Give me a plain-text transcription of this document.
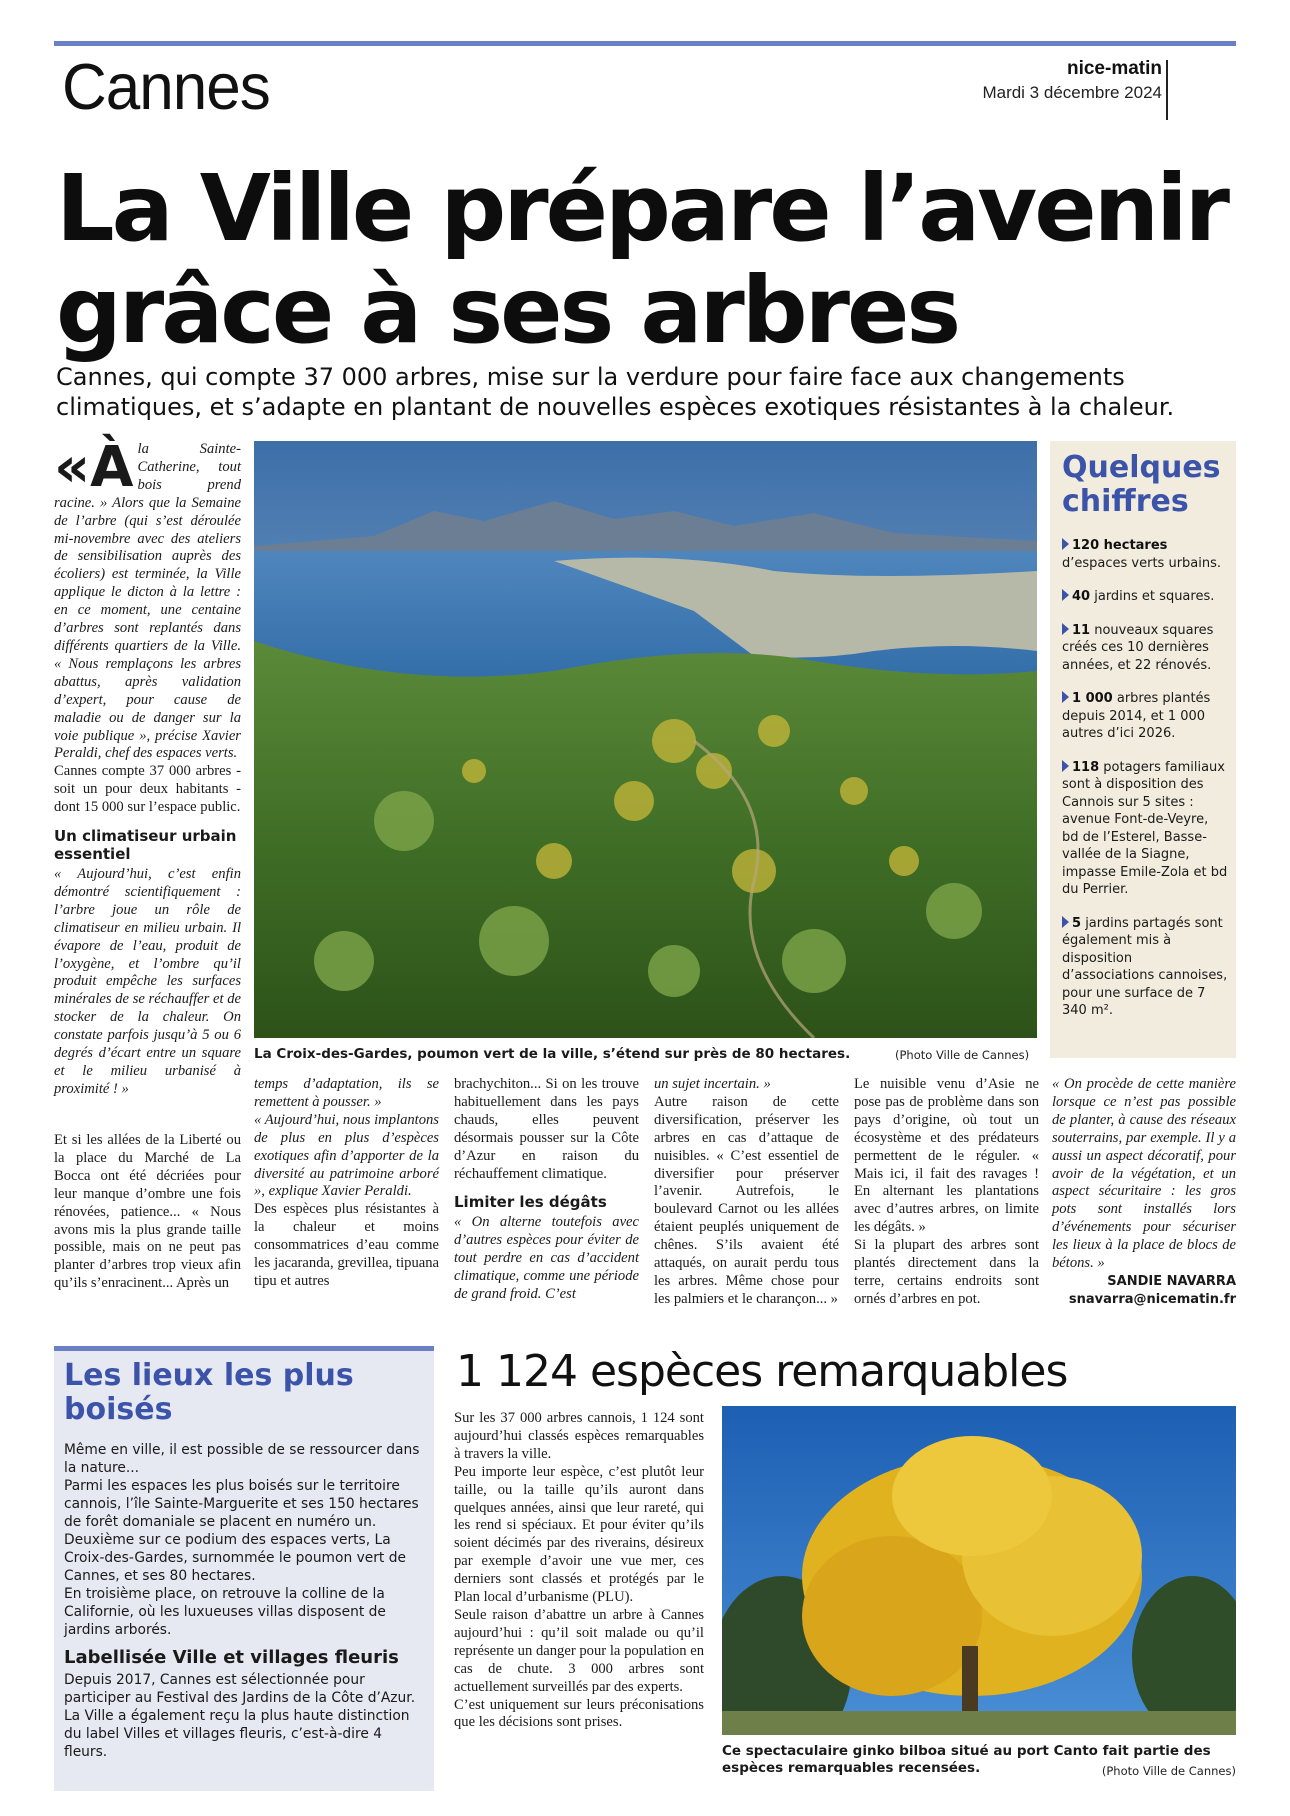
Cannes	nice-matin
Mardi 3 décembre 2024
La Ville prépare l’avenir grâce à ses arbres
Cannes, qui compte 37 000 arbres, mise sur la verdure pour faire face aux changements climatiques, et s’adapte en plantant de nouvelles espèces exotiques résistantes à la chaleur.

«Àla Sainte-Catherine, tout bois prend racine. » Alors que la Semaine de l’arbre (qui s’est déroulée mi-novembre avec des ateliers de sensibilisation auprès des écoliers) est terminée, la Ville applique le dicton à la lettre : en ce moment, une centaine d’arbres sont replantés dans différents quartiers de la Ville. « Nous remplaçons les arbres abattus, après validation d’expert, pour cause de maladie ou de danger sur la voie publique », précise Xavier Peraldi, chef des espaces verts.

Cannes compte 37 000 arbres - soit un pour deux habitants - dont 15 000 sur l’espace public.

Un climatiseur urbain essentiel

« Aujourd’hui, c’est enfin démontré scientifiquement : l’arbre joue un rôle de climatiseur en milieu urbain. Il évapore de l’eau, produit de l’oxygène, et l’ombre qu’il produit empêche les surfaces minérales de se réchauffer et de stocker de la chaleur. On constate parfois jusqu’à 5 ou 6 degrés d’écart entre un square et le milieu urbanisé à proximité ! »

Et si les allées de la Liberté ou la place du Marché de La Bocca ont été décriées pour leur manque d’ombre une fois rénovées, patience... « Nous avons mis la plus grande taille possible, mais on ne peut pas planter d’arbres trop vieux afin qu’ils s’enracinent... Après un

La Croix-des-Gardes, poumon vert de la ville, s’étend sur près de 80 hectares.	(Photo Ville de Cannes)
Quelques chiffres
120 hectares
d’espaces verts urbains.
40 jardins et squares.
11 nouveaux squares créés ces 10 dernières années, et 22 rénovés.
1 000 arbres plantés depuis 2014, et 1 000 autres d’ici 2026.
118 potagers familiaux sont à disposition des Cannois sur 5 sites : avenue Font-de-Veyre, bd de l’Esterel, Basse-vallée de la Siagne, impasse Emile-Zola et bd du Perrier.
5 jardins partagés sont également mis à disposition d’associations cannoises, pour une surface de 7 340 m².

temps d’adaptation, ils se remettent à pousser. »

« Aujourd’hui, nous implantons de plus en plus d’espèces exotiques afin d’apporter de la diversité au patrimoine arboré », explique Xavier Peraldi.

Des espèces plus résistantes à la chaleur et moins consommatrices d’eau comme les jacaranda, grevillea, tipuana tipu et autres

brachychiton... Si on les trouve habituellement dans les pays chauds, elles peuvent désormais pousser sur la Côte d’Azur en raison du réchauffement climatique.

Limiter les dégâts

« On alterne toutefois avec d’autres espèces pour éviter de tout perdre en cas d’accident climatique, comme une période de grand froid. C’est

un sujet incertain. »

Autre raison de cette diversification, préserver les arbres en cas d’attaque de nuisibles. « C’est essentiel de diversifier pour préserver l’avenir. Autrefois, le boulevard Carnot ou les allées étaient peuplés uniquement de chênes. S’ils avaient été attaqués, on aurait perdu tous les arbres. Même chose pour les palmiers et le charançon... »

Le nuisible venu d’Asie ne pose pas de problème dans son pays d’origine, où tout un écosystème et des prédateurs permettent de le réguler. « Mais ici, il fait des ravages ! En alternant les plantations avec d’autres arbres, on limite les dégâts. »

Si la plupart des arbres sont plantés directement dans la terre, certains endroits sont ornés d’arbres en pot.

« On procède de cette manière lorsque ce n’est pas possible de planter, à cause des réseaux souterrains, par exemple. Il y a aussi un aspect décoratif, pour avoir de la végétation, et un aspect sécuritaire : les gros pots sont installés lors d’événements pour sécuriser les lieux à la place de blocs de bétons. »

SANDIE NAVARRA
snavarra@nicematin.fr
Les lieux les plus boisés

Même en ville, il est possible de se ressourcer dans la nature...

Parmi les espaces les plus boisés sur le territoire cannois, l’île Sainte-Marguerite et ses 150 hectares de forêt domaniale se placent en numéro un.

Deuxième sur ce podium des espaces verts, La Croix-des-Gardes, surnommée le poumon vert de Cannes, et ses 80 hectares.

En troisième place, on retrouve la colline de la Californie, où les luxueuses villas disposent de jardins arborés.

Labellisée Ville et villages fleuris

Depuis 2017, Cannes est sélectionnée pour participer au Festival des Jardins de la Côte d’Azur. La Ville a également reçu la plus haute distinction du label Villes et villages fleuris, c’est-à-dire 4 fleurs.

1 124 espèces remarquables

Sur les 37 000 arbres cannois, 1 124 sont aujourd’hui classés espèces remarquables à travers la ville.

Peu importe leur espèce, c’est plutôt leur taille, ou la taille qu’ils auront dans quelques années, ainsi que leur rareté, qui les rend si spéciaux. Et pour éviter qu’ils soient décimés par des riverains, désireux par exemple d’avoir une vue mer, ces derniers sont classés et protégés par le Plan local d’urbanisme (PLU).

Seule raison d’abattre un arbre à Cannes aujourd’hui : qu’il soit malade ou qu’il représente un danger pour la population en cas de chute. 3 000 arbres sont actuellement surveillés par des experts.

C’est uniquement sur leurs préconisations que les décisions sont prises.

Ce spectaculaire ginko bilboa situé au port Canto fait partie des espèces remarquables recensées.	(Photo Ville de Cannes)
